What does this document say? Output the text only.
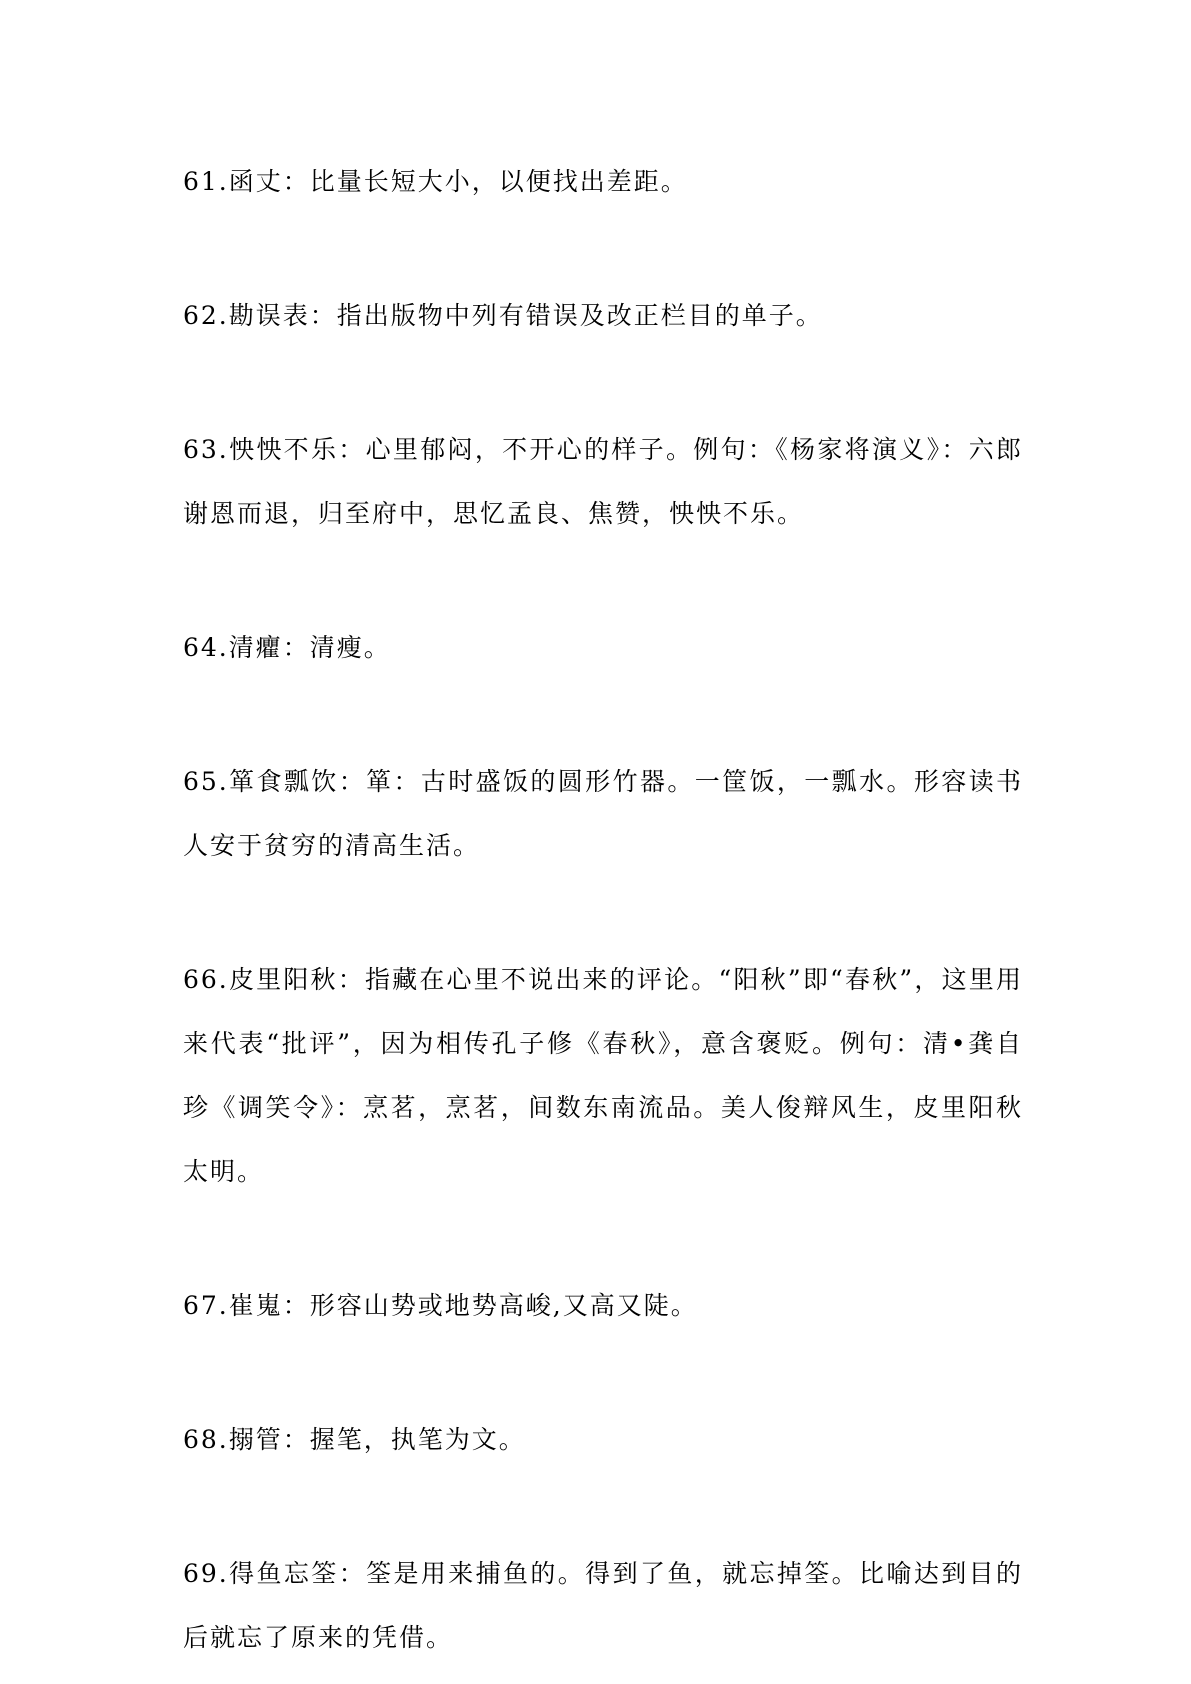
61.函丈：比量长短大小，以便找出差距。
62.勘误表：指出版物中列有错误及改正栏目的单子。
63.怏怏不乐：心里郁闷，不开心的样子。例句：《杨家将演义》：六郎谢恩而退，归至府中，思忆孟良、焦赞，怏怏不乐。
64.清癯：清瘦。
65.箪食瓢饮：箪：古时盛饭的圆形竹器。一筐饭，一瓢水。形容读书人安于贫穷的清高生活。
66.皮里阳秋：指藏在心里不说出来的评论。“阳秋”即“春秋”，这里用来代表“批评”，因为相传孔子修《春秋》，意含褒贬。例句：清•龚自珍《调笑令》：烹茗，烹茗，间数东南流品。美人俊辩风生，皮里阳秋太明。
67.崔嵬：形容山势或地势高峻,又高又陡。
68.搦管：握笔，执笔为文。
69.得鱼忘筌：筌是用来捕鱼的。得到了鱼，就忘掉筌。比喻达到目的后就忘了原来的凭借。
